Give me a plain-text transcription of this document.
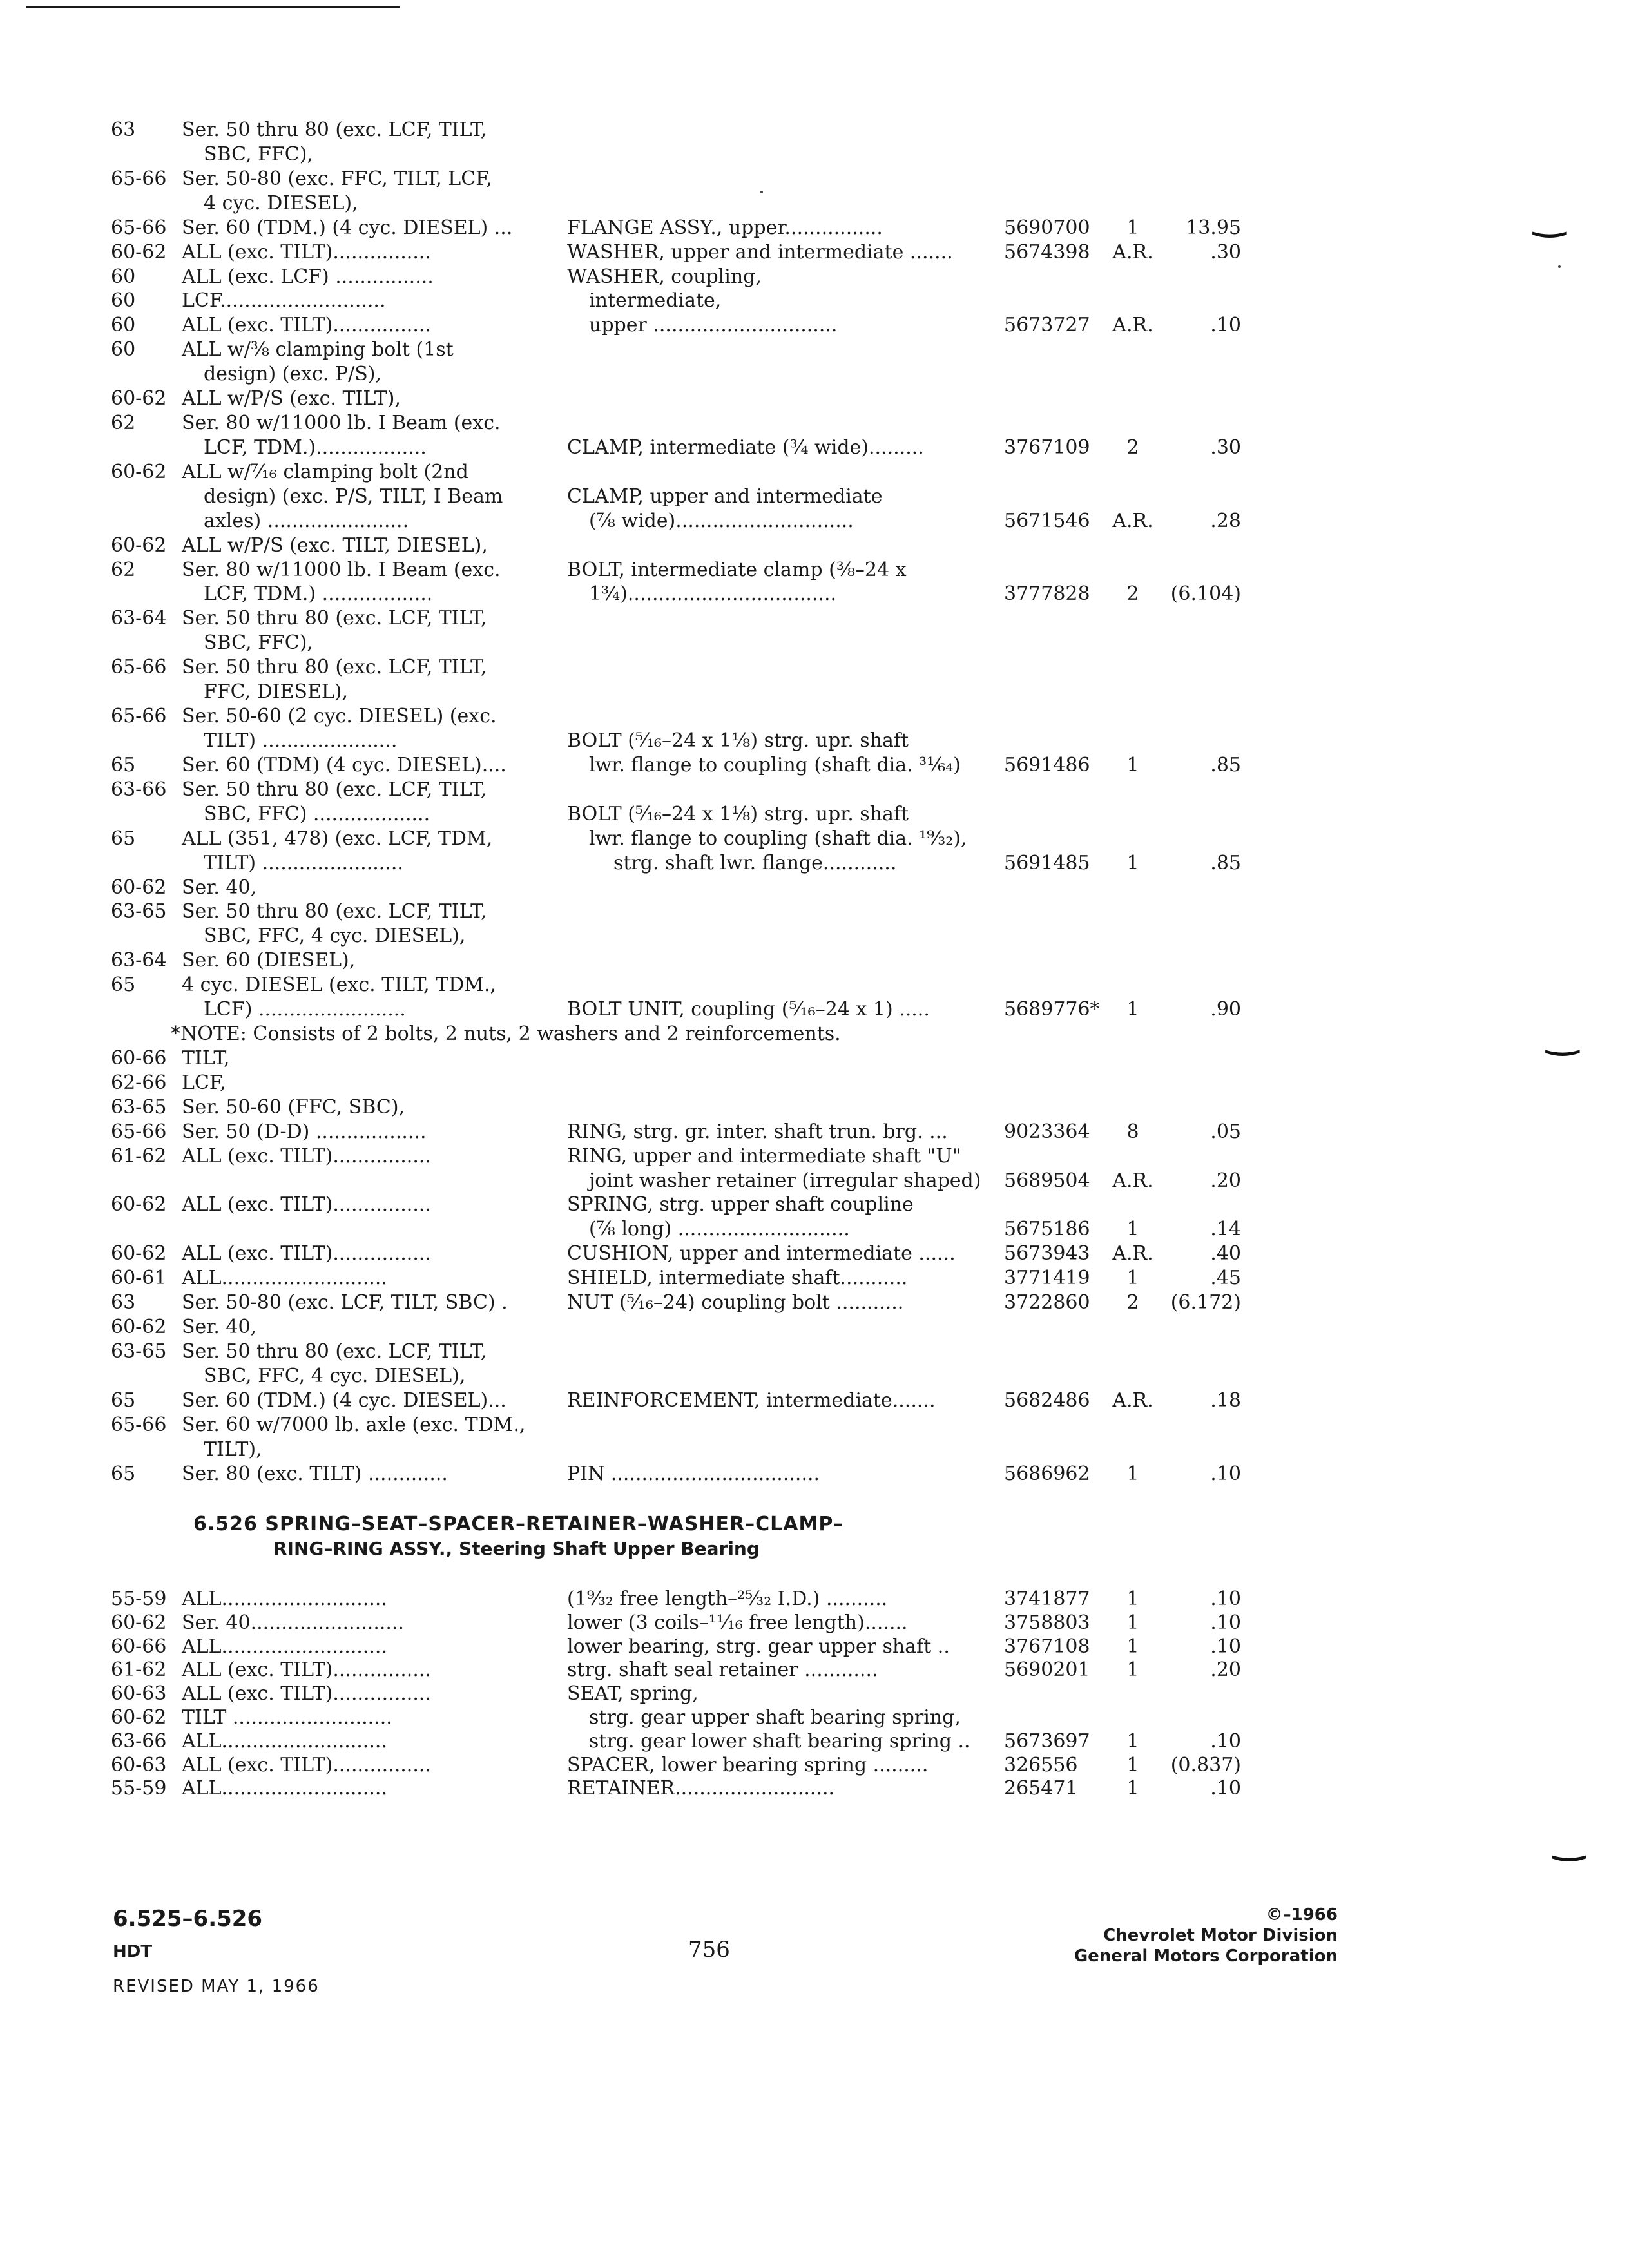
‿
‿
‿
63 Ser. 50 thru 80 (exc. LCF, TILT,
SBC, FFC),
65-66 Ser. 50-80 (exc. FFC, TILT, LCF,
4 cyc. DIESEL),
65-66 Ser. 60 (TDM.) (4 cyc. DIESEL) ...	FLANGE ASSY., upper................	5690700	1	13.95
60-62 ALL (exc. TILT)................	WASHER, upper and intermediate .......	5674398 A.R.	.30
60 ALL (exc. LCF) ................	WASHER, coupling,
60 LCF...........................	intermediate,
60 ALL (exc. TILT)................	upper ..............................	5673727 A.R.	.10
60 ALL w/⅜ clamping bolt (1st
design) (exc. P/S),
60-62 ALL w/P/S (exc. TILT),
62 Ser. 80 w/11000 lb. I Beam (exc.
LCF, TDM.)..................	CLAMP, intermediate (¾ wide).........	3767109	2	.30
60-62 ALL w/⁷⁄₁₆ clamping bolt (2nd
design) (exc. P/S, TILT, I Beam	CLAMP, upper and intermediate
axles) .......................	(⅞ wide).............................	5671546 A.R.	.28
60-62 ALL w/P/S (exc. TILT, DIESEL),
62 Ser. 80 w/11000 lb. I Beam (exc.	BOLT, intermediate clamp (⅜–24 x
LCF, TDM.) ..................	1¾)..................................	3777828	2	(6.104)
63-64 Ser. 50 thru 80 (exc. LCF, TILT,
SBC, FFC),
65-66 Ser. 50 thru 80 (exc. LCF, TILT,
FFC, DIESEL),
65-66 Ser. 50-60 (2 cyc. DIESEL) (exc.
TILT) ......................	BOLT (⁵⁄₁₆–24 x 1⅛) strg. upr. shaft
65 Ser. 60 (TDM) (4 cyc. DIESEL)....	lwr. flange to coupling (shaft dia. ³¹⁄₆₄) 5691486	1	.85
63-66 Ser. 50 thru 80 (exc. LCF, TILT,
SBC, FFC) ...................	BOLT (⁵⁄₁₆–24 x 1⅛) strg. upr. shaft
65 ALL (351, 478) (exc. LCF, TDM,	lwr. flange to coupling (shaft dia. ¹⁹⁄₃₂),
TILT) .......................	strg. shaft lwr. flange............	5691485	1	.85
60-62 Ser. 40,
63-65 Ser. 50 thru 80 (exc. LCF, TILT,
SBC, FFC, 4 cyc. DIESEL),
63-64 Ser. 60 (DIESEL),
65 4 cyc. DIESEL (exc. TILT, TDM.,
LCF) ........................	BOLT UNIT, coupling (⁵⁄₁₆–24 x 1) .....	5689776*	1	.90
*NOTE: Consists of 2 bolts, 2 nuts, 2 washers and 2 reinforcements.
60-66 TILT,
62-66 LCF,
63-65 Ser. 50-60 (FFC, SBC),
65-66 Ser. 50 (D-D) ..................	RING, strg. gr. inter. shaft trun. brg. ...	9023364	8	.05
61-62 ALL (exc. TILT)................	RING, upper and intermediate shaft "U"
joint washer retainer (irregular shaped) 5689504 A.R.	.20
60-62 ALL (exc. TILT)................	SPRING, strg. upper shaft coupline
(⅞ long) ............................	5675186	1	.14
60-62 ALL (exc. TILT)................	CUSHION, upper and intermediate ......	5673943 A.R.	.40
60-61 ALL...........................	SHIELD, intermediate shaft...........	3771419	1	.45
63 Ser. 50-80 (exc. LCF, TILT, SBC) .	NUT (⁵⁄₁₆–24) coupling bolt ...........	3722860	2	(6.172)
60-62 Ser. 40,
63-65 Ser. 50 thru 80 (exc. LCF, TILT,
SBC, FFC, 4 cyc. DIESEL),
65 Ser. 60 (TDM.) (4 cyc. DIESEL)...	REINFORCEMENT, intermediate.......	5682486 A.R.	.18
65-66 Ser. 60 w/7000 lb. axle (exc. TDM.,
TILT),
65 Ser. 80 (exc. TILT) .............	PIN ..................................	5686962	1	.10
6.526 SPRING–SEAT–SPACER–RETAINER–WASHER–CLAMP–
RING–RING ASSY., Steering Shaft Upper Bearing
55-59 ALL...........................	(1⁹⁄₃₂ free length–²⁵⁄₃₂ I.D.) ..........	3741877	1	.10
60-62 Ser. 40.........................	lower (3 coils–¹¹⁄₁₆ free length).......	3758803	1	.10
60-66 ALL...........................	lower bearing, strg. gear upper shaft ..	3767108	1	.10
61-62 ALL (exc. TILT)................	strg. shaft seal retainer ............	5690201	1	.20
60-63 ALL (exc. TILT)................	SEAT, spring,
60-62 TILT ..........................	strg. gear upper shaft bearing spring,
63-66 ALL...........................	strg. gear lower shaft bearing spring .. 5673697	1	.10
60-63 ALL (exc. TILT)................	SPACER, lower bearing spring .........	326556	1	(0.837)
55-59 ALL...........................	RETAINER..........................	265471	1	.10
6.525–6.526
HDT
REVISED MAY 1, 1966
756
©–1966
Chevrolet Motor Division
General Motors Corporation
